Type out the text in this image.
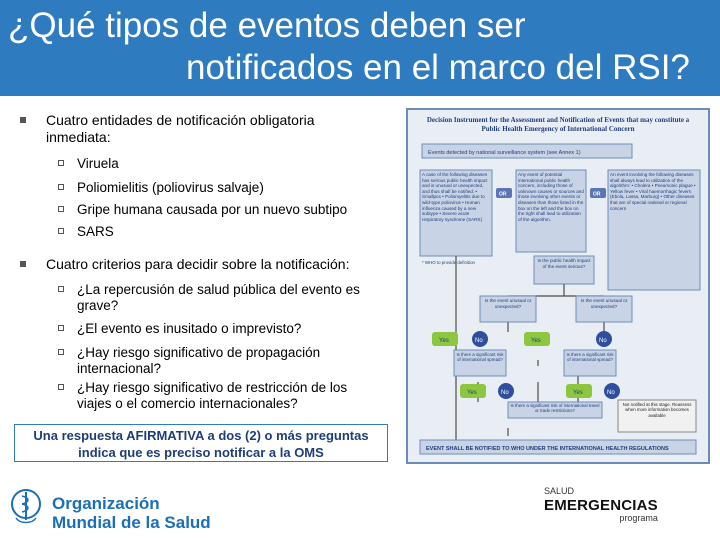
¿Qué tipos de eventos deben ser
notificados en el marco del RSI?
Cuatro entidades de notificación obligatoria inmediata:
Viruela
Poliomielitis (poliovirus salvaje)
Gripe humana causada por un nuevo subtipo
SARS
Cuatro criterios para decidir sobre la notificación:
¿La repercusión de salud pública del evento es grave?
¿El evento es inusitado o imprevisto?
¿Hay riesgo significativo de propagación internacional?
¿Hay riesgo significativo de restricción de los viajes o el comercio internacionales?
Decision Instrument for the Assessment and Notification of Events that may constitute a Public Health Emergency of International Concern
Events detected by national surveillance system (see Annex 1)
A case of the following diseases has serious public health impact and is unusual or unexpected, and thus shall be notified: • Smallpox • Poliomyelitis due to wild-type poliovirus • Human influenza caused by a new subtype • Severe acute respiratory syndrome (SARS)
OR
Any event of potential international public health concern, including those of unknown causes or sources and those involving other events or diseases than those listed in the box on the left and the box on the right shall lead to utilization of the algorithm.
OR
An event involving the following diseases shall always lead to utilization of the algorithm: • Cholera • Pneumonic plague • Yellow fever • Viral haemorrhagic fevers (Ebola, Lassa, Marburg) • Other diseases that are of special national or regional concern
Is the public health impact of the event serious?
* WHO to provide definition
Is the event unusual or unexpected?
Is the event unusual or unexpected?
Yes	No	Yes	No
Is there a significant risk of international spread?
Is there a significant risk of international spread?
Yes	No	Yes	No
Is there a significant risk of international travel or trade restrictions?
Not notified at this stage. Reassess when more information becomes available
EVENT SHALL BE NOTIFIED TO WHO UNDER THE INTERNATIONAL HEALTH REGULATIONS
Una respuesta AFIRMATIVA a dos (2) o más preguntas indica que es preciso notificar a la OMS
Organización
Mundial de la Salud
SALUD
EMERGENCIAS
programa
